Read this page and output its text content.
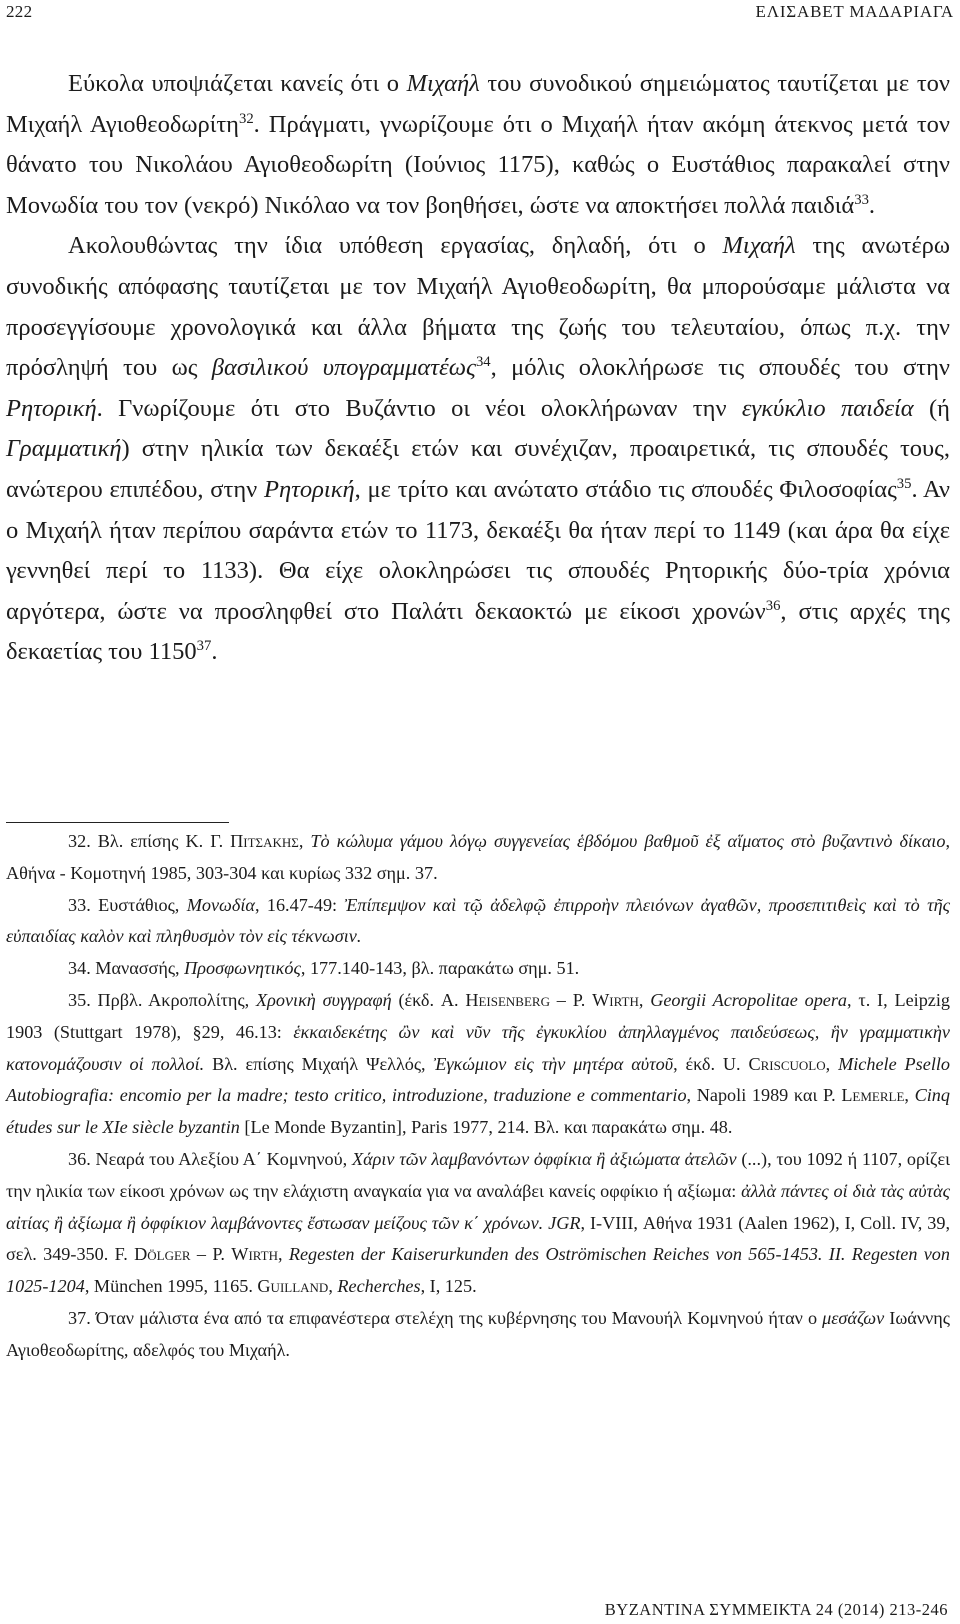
222	ΕΛΙΣΑΒΕΤ ΜΑΔΑΡΙΑΓΑ

Εύκολα υποψιάζεται κανείς ότι ο Μιχαήλ του συνοδικού σημειώματος ταυτίζεται με τον Μιχαήλ Αγιοθεοδωρίτη$^{32}$. Πράγματι, γνωρίζουμε ότι ο Μιχαήλ ήταν ακόμη άτεκνος μετά τον θάνατο του Νικολάου Αγιοθεοδωρίτη (Ιούνιος 1175), καθώς ο Ευστάθιος παρακαλεί στην Μονωδία του τον (νεκρό) Νικόλαο να τον βοηθήσει, ώστε να αποκτήσει πολλά παιδιά$^{33}$.

Ακολουθώντας την ίδια υπόθεση εργασίας, δηλαδή, ότι ο Μιχαήλ της ανωτέρω συνοδικής απόφασης ταυτίζεται με τον Μιχαήλ Αγιοθεοδωρίτη, θα μπορούσαμε μάλιστα να προσεγγίσουμε χρονολογικά και άλλα βήματα της ζωής του τελευταίου, όπως π.χ. την πρόσληψή του ως βασιλικού υπογραμματέως$^{34}$, μόλις ολοκλήρωσε τις σπουδές του στην Ρητορική. Γνωρίζουμε ότι στο Βυζάντιο οι νέοι ολοκλήρωναν την εγκύκλιο παιδεία (ή Γραμματική) στην ηλικία των δεκαέξι ετών και συνέχιζαν, προαιρετικά, τις σπουδές τους, ανώτερου επιπέδου, στην Ρητορική, με τρίτο και ανώτατο στάδιο τις σπουδές Φιλοσοφίας$^{35}$. Αν ο Μιχαήλ ήταν περίπου σαράντα ετών το 1173, δεκαέξι θα ήταν περί το 1149 (και άρα θα είχε γεννηθεί περί το 1133). Θα είχε ολοκληρώσει τις σπουδές Ρητορικής δύο-τρία χρόνια αργότερα, ώστε να προσληφθεί στο Παλάτι δεκαοκτώ με είκοσι χρονών$^{36}$, στις αρχές της δεκαετίας του 1150$^{37}$.

32. Βλ. επίσης Κ. Γ. Πιτσακης, Τὸ κώλυμα γάμου λόγῳ συγγενείας ἑβδόμου βαθμοῦ ἐξ αἵματος στὸ βυζαντινὸ δίκαιο, Αθήνα - Κομοτηνή 1985, 303-304 και κυρίως 332 σημ. 37.

33. Ευστάθιος, Μονωδία, 16.47-49: Ἐπίπεμψον καὶ τῷ ἀδελφῷ ἐπιρροὴν πλειόνων ἀγαθῶν, προσεπιτιθεὶς καὶ τὸ τῆς εὐπαιδίας καλὸν καὶ πληθυσμὸν τὸν εἰς τέκνωσιν.

34. Μανασσής, Προσφωνητικός, 177.140-143, βλ. παρακάτω σημ. 51.

35. Πρβλ. Ακροπολίτης, Χρονικὴ συγγραφή (έκδ. A. Heisenberg – P. Wirth, Georgii Acropolitae opera, τ. I, Leipzig 1903 (Stuttgart 1978), §29, 46.13: ἑκκαιδεκέτης ὢν καὶ νῦν τῆς ἐγκυκλίου ἀπηλλαγμένος παιδεύσεως, ἣν γραμματικὴν κατονομάζουσιν οἱ πολλοί. Βλ. επίσης Μιχαήλ Ψελλός, Ἐγκώμιον εἰς τὴν μητέρα αὐτοῦ, έκδ. U. Criscuolo, Michele Psello Autobiografia: encomio per la madre; testo critico, introduzione, traduzione e commentario, Napoli 1989 και P. Lemerle, Cinq études sur le XIe siècle byzantin [Le Monde Byzantin], Paris 1977, 214. Βλ. και παρακάτω σημ. 48.

36. Νεαρά του Αλεξίου Α΄ Κομνηνού, Χάριν τῶν λαμβανόντων ὀφφίκια ἢ ἀξιώματα ἀτελῶν (...), του 1092 ή 1107, ορίζει την ηλικία των είκοσι χρόνων ως την ελάχιστη αναγκαία για να αναλάβει κανείς οφφίκιο ή αξίωμα: ἀλλὰ πάντες οἱ διὰ τὰς αὐτὰς αἰτίας ἢ ἀξίωμα ἢ ὀφφίκιον λαμβάνοντες ἔστωσαν μείζους τῶν κ΄ χρόνων. JGR, I-VIII, Αθήνα 1931 (Aalen 1962), I, Coll. IV, 39, σελ. 349-350. F. Dölger – P. Wirth, Regesten der Kaiserurkunden des Oströmischen Reiches von 565-1453. II. Regesten von 1025-1204, München 1995, 1165. Guilland, Recherches, I, 125.

37. Όταν μάλιστα ένα από τα επιφανέστερα στελέχη της κυβέρνησης του Μανουήλ Κομνηνού ήταν ο μεσάζων Ιωάννης Αγιοθεοδωρίτης, αδελφός του Μιχαήλ.

BYZANTINA ΣΥΜΜΕΙΚΤΑ 24 (2014) 213-246
